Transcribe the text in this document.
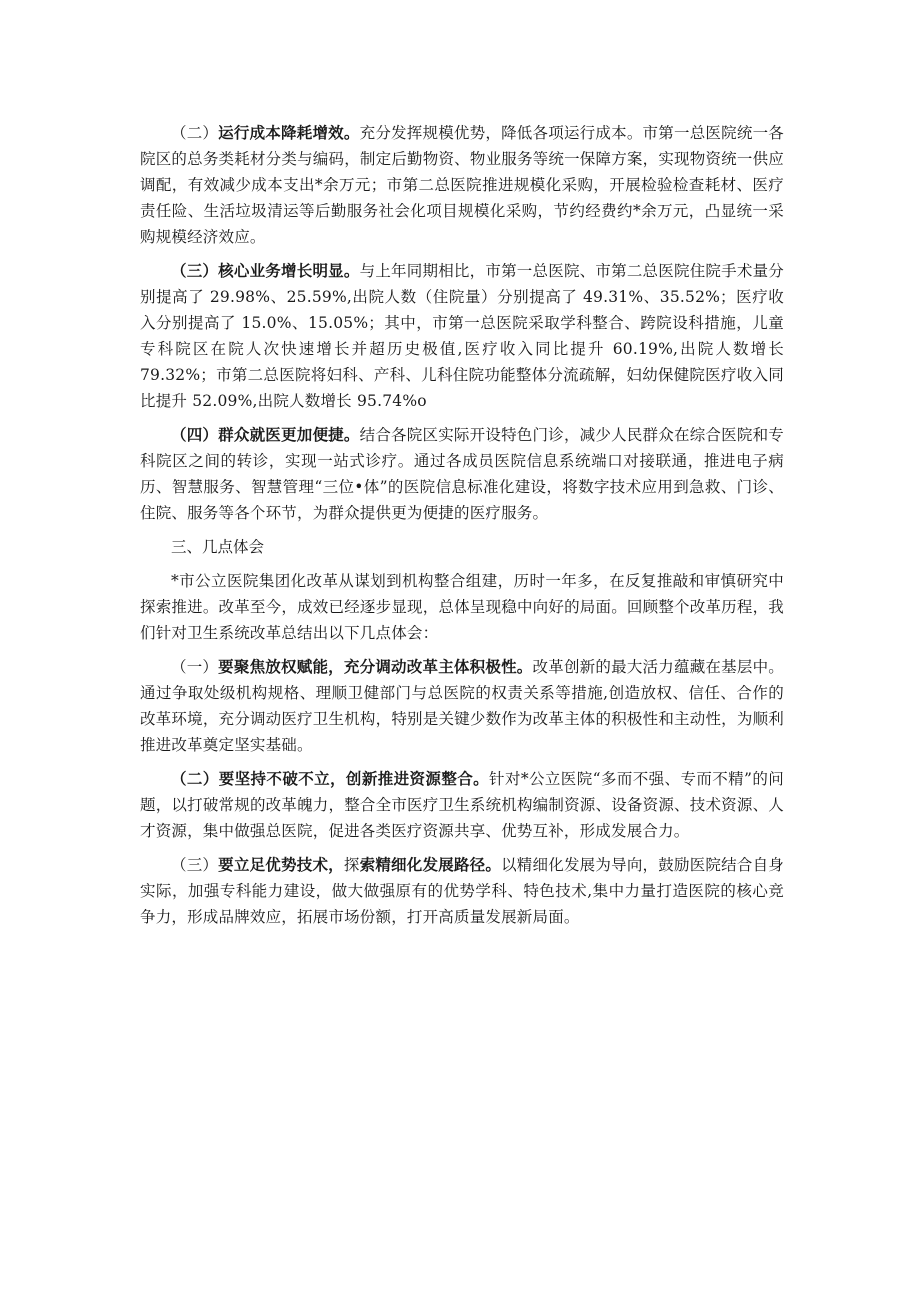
（二）运行成本降耗增效。充分发挥规模优势，降低各项运行成本。市第一总医院统一各院区的总务类耗材分类与编码，制定后勤物资、物业服务等统一保障方案，实现物资统一供应调配，有效减少成本支出*余万元；市第二总医院推进规模化采购，开展检验检查耗材、医疗责任险、生活垃圾清运等后勤服务社会化项目规模化采购，节约经费约*余万元，凸显统一采购规模经济效应。

（三）核心业务增长明显。与上年同期相比，市第一总医院、市第二总医院住院手术量分别提高了 29.98%、25.59%,出院人数（住院量）分别提高了 49.31%、35.52%；医疗收入分别提高了 15.0%、15.05%；其中，市第一总医院采取学科整合、跨院设科措施，儿童专科院区在院人次快速增长并超历史极值,医疗收入同比提升 60.19%,出院人数增长 79.32%；市第二总医院将妇科、产科、儿科住院功能整体分流疏解，妇幼保健院医疗收入同比提升 52.09%,出院人数增长 95.74%o

（四）群众就医更加便捷。结合各院区实际开设特色门诊，减少人民群众在综合医院和专科院区之间的转诊，实现一站式诊疗。通过各成员医院信息系统端口对接联通，推进电子病历、智慧服务、智慧管理“三位•体”的医院信息标准化建设，将数字技术应用到急救、门诊、住院、服务等各个环节，为群众提供更为便捷的医疗服务。

三、几点体会

*市公立医院集团化改革从谋划到机构整合组建，历时一年多，在反复推敲和审慎研究中探索推进。改革至今，成效已经逐步显现，总体呈现稳中向好的局面。回顾整个改革历程，我们针对卫生系统改革总结出以下几点体会：

（一）要聚焦放权赋能，充分调动改革主体积极性。改革创新的最大活力蕴藏在基层中。通过争取处级机构规格、理顺卫健部门与总医院的权责关系等措施,创造放权、信任、合作的改革环境，充分调动医疗卫生机构，特别是关键少数作为改革主体的积极性和主动性，为顺利推进改革奠定坚实基础。

（二）要坚持不破不立，创新推进资源整合。针对*公立医院“多而不强、专而不精”的问题，以打破常规的改革魄力，整合全市医疗卫生系统机构编制资源、设备资源、技术资源、人才资源，集中做强总医院，促进各类医疗资源共享、优势互补，形成发展合力。

（三）要立足优势技术，探索精细化发展路径。以精细化发展为导向，鼓励医院结合自身实际，加强专科能力建设，做大做强原有的优势学科、特色技术,集中力量打造医院的核心竞争力，形成品牌效应，拓展市场份额，打开高质量发展新局面。
